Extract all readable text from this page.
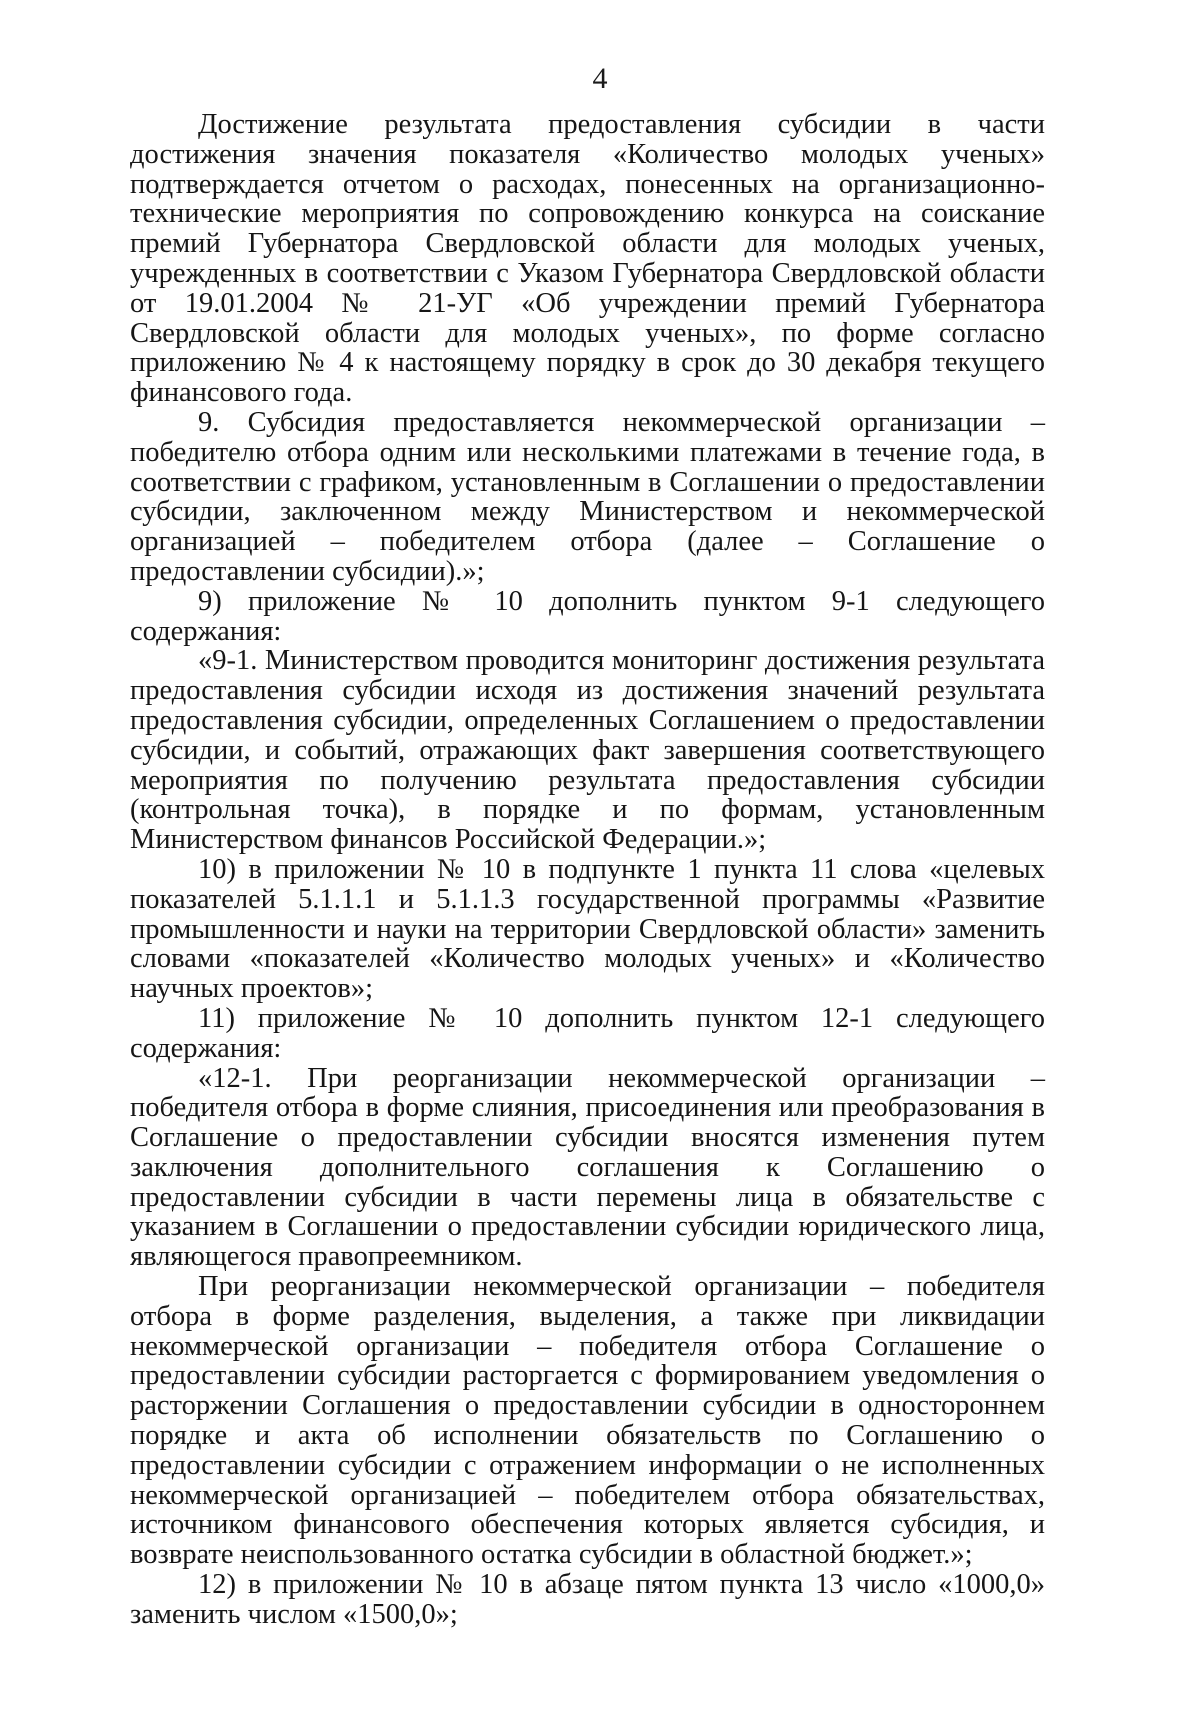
4

Достижение результата предоставления субсидии в части достижения значения показателя «Количество молодых ученых» подтверждается отчетом о расходах, понесенных на организационно-технические мероприятия по сопровождению конкурса на соискание премий Губернатора Свердловской области для молодых ученых, учрежденных в соответствии с Указом Губернатора Свердловской области от 19.01.2004 № 21-УГ «Об учреждении премий Губернатора Свердловской области для молодых ученых», по форме согласно приложению № 4 к настоящему порядку в срок до 30 декабря текущего финансового года.

9. Субсидия предоставляется некоммерческой организации – победителю отбора одним или несколькими платежами в течение года, в соответствии с графиком, установленным в Соглашении о предоставлении субсидии, заключенном между Министерством и некоммерческой организацией – победителем отбора (далее – Соглашение о предоставлении субсидии).»;

9) приложение № 10 дополнить пунктом 9-1 следующего содержания:

«9-1. Министерством проводится мониторинг достижения результата предоставления субсидии исходя из достижения значений результата предоставления субсидии, определенных Соглашением о предоставлении субсидии, и событий, отражающих факт завершения соответствующего мероприятия по получению результата предоставления субсидии (контрольная точка), в порядке и по формам, установленным Министерством финансов Российской Федерации.»;

10) в приложении № 10 в подпункте 1 пункта 11 слова «целевых показателей 5.1.1.1 и 5.1.1.3 государственной программы «Развитие промышленности и науки на территории Свердловской области» заменить словами «показателей «Количество молодых ученых» и «Количество научных проектов»;

11) приложение № 10 дополнить пунктом 12-1 следующего содержания:

«12-1. При реорганизации некоммерческой организации – победителя отбора в форме слияния, присоединения или преобразования в Соглашение о предоставлении субсидии вносятся изменения путем заключения дополнительного соглашения к Соглашению о предоставлении субсидии в части перемены лица в обязательстве с указанием в Соглашении о предоставлении субсидии юридического лица, являющегося правопреемником.

При реорганизации некоммерческой организации – победителя отбора в форме разделения, выделения, а также при ликвидации некоммерческой организации – победителя отбора Соглашение о предоставлении субсидии расторгается с формированием уведомления о расторжении Соглашения о предоставлении субсидии в одностороннем порядке и акта об исполнении обязательств по Соглашению о предоставлении субсидии с отражением информации о не исполненных некоммерческой организацией – победителем отбора обязательствах, источником финансового обеспечения которых является субсидия, и возврате неиспользованного остатка субсидии в областной бюджет.»;

12) в приложении № 10 в абзаце пятом пункта 13 число «1000,0» заменить числом «1500,0»;
